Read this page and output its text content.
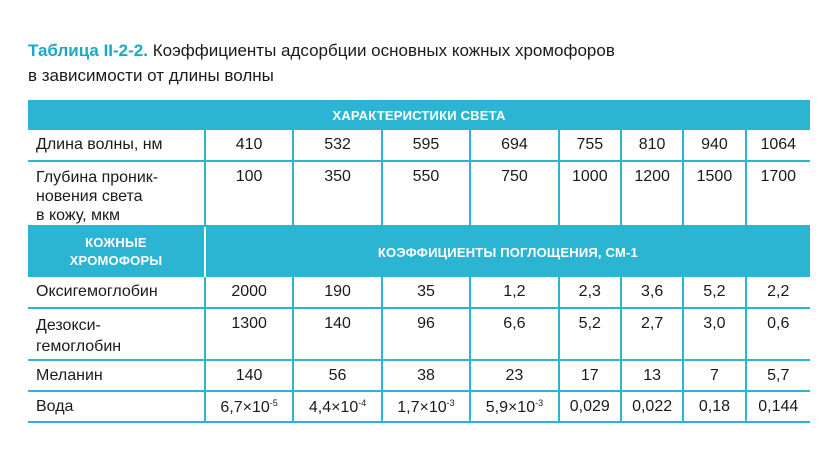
Таблица II-2-2. Коэффициенты адсорбции основных кожных хромофоров
в зависимости от длины волны
ХАРАКТЕРИСТИКИ СВЕТА								
Длина волны, нм	410	532	595	694	755	810	940	1064
Глубина проник-
новения света
в кожу, мкм	100	350	550	750	1000	1200	1500	1700
КОЖНЫЕ
ХРОМОФОРЫ	КОЭФФИЦИЕНТЫ ПОГЛОЩЕНИЯ, СМ-1							
Оксигемоглобин	2000	190	35	1,2	2,3	3,6	5,2	2,2
Дезокси-
гемоглобин	1300	140	96	6,6	5,2	2,7	3,0	0,6
Меланин	140	56	38	23	17	13	7	5,7
Вода	$6,7\times 10^{-5}$	$4,4\times 10^{-4}$	$1,7\times 10^{-3}$	$5,9\times 10^{-3}$	0,029	0,022	0,18	0,144
